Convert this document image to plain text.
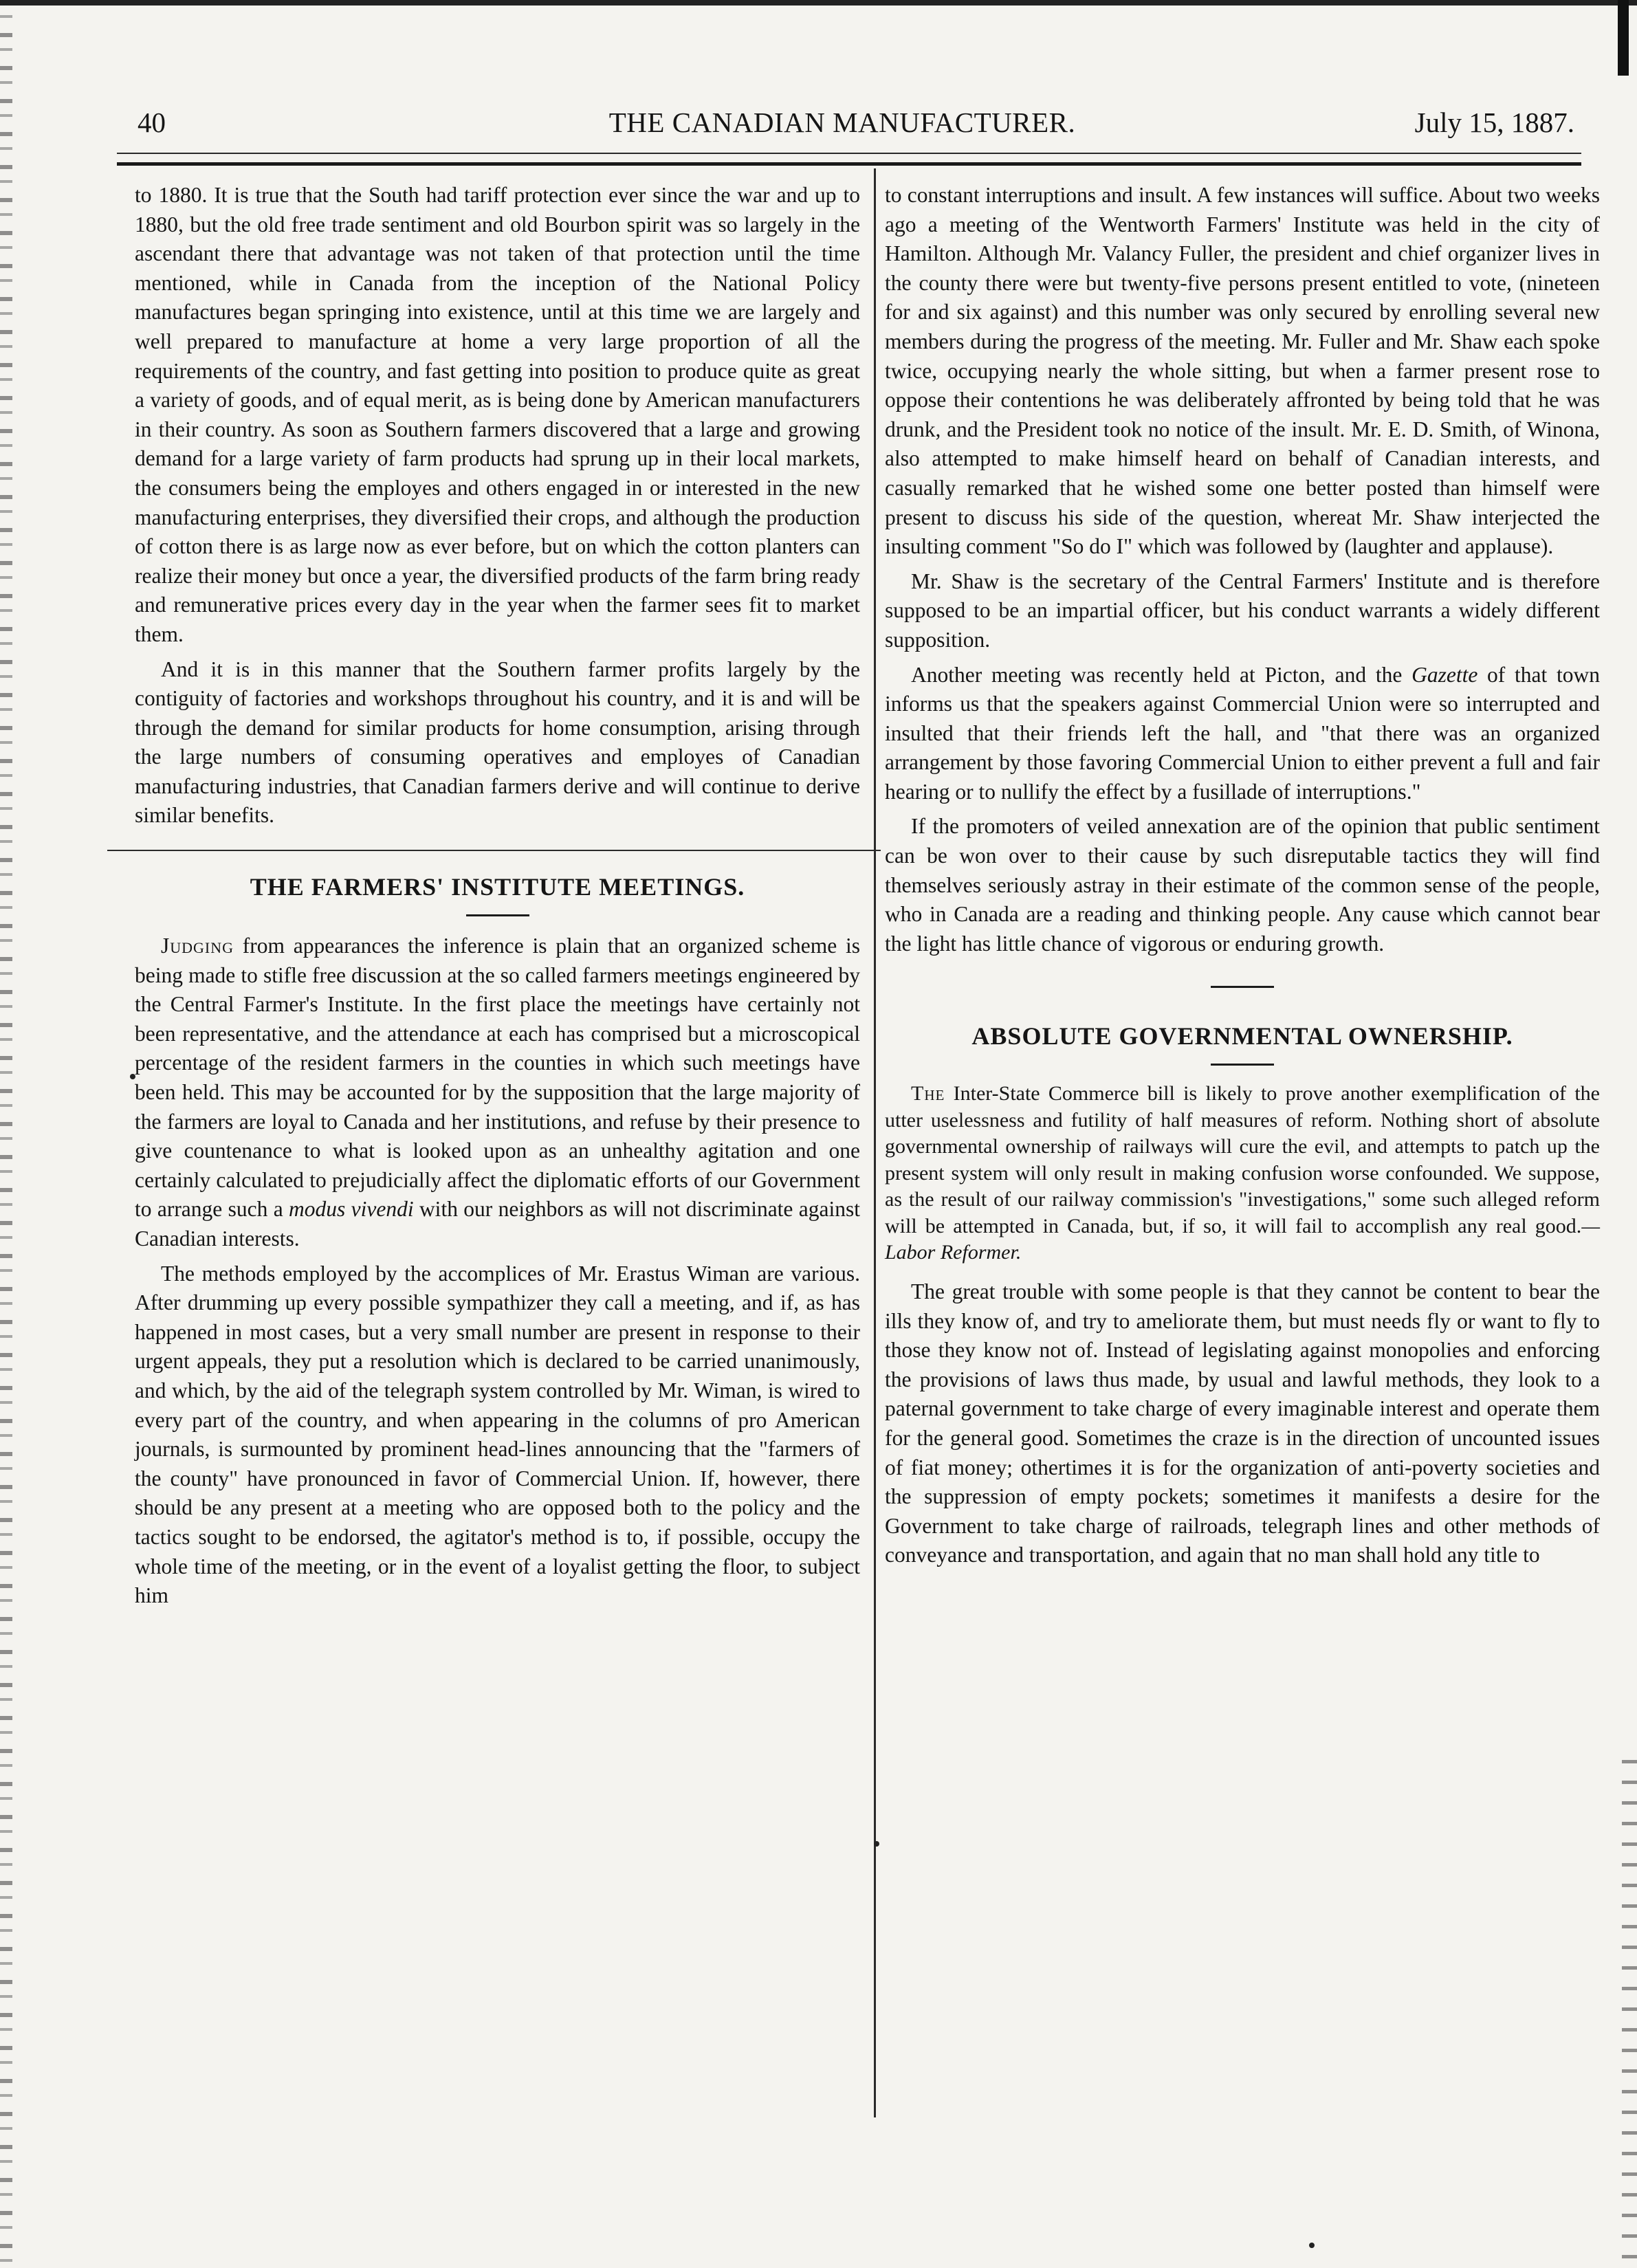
40	THE CANADIAN MANUFACTURER.	July 15, 1887.

to 1880. It is true that the South had tariff protection ever since the war and up to 1880, but the old free trade sentiment and old Bourbon spirit was so largely in the ascendant there that advantage was not taken of that protection until the time mentioned, while in Canada from the inception of the National Policy manufactures began springing into existence, until at this time we are largely and well prepared to manufacture at home a very large proportion of all the requirements of the country, and fast getting into position to produce quite as great a variety of goods, and of equal merit, as is being done by American manufacturers in their country. As soon as Southern farmers discovered that a large and growing demand for a large variety of farm products had sprung up in their local markets, the consumers being the employes and others engaged in or interested in the new manufacturing enterprises, they diversified their crops, and although the production of cotton there is as large now as ever before, but on which the cotton planters can realize their money but once a year, the diversified products of the farm bring ready and remunerative prices every day in the year when the farmer sees fit to market them.

And it is in this manner that the Southern farmer profits largely by the contiguity of factories and workshops throughout his country, and it is and will be through the demand for similar products for home consumption, arising through the large numbers of consuming operatives and employes of Canadian manufacturing industries, that Canadian farmers derive and will continue to derive similar benefits.

THE FARMERS' INSTITUTE MEETINGS.

Judging from appearances the inference is plain that an organized scheme is being made to stifle free discussion at the so called farmers meetings engineered by the Central Farmer's Institute. In the first place the meetings have certainly not been representative, and the attendance at each has comprised but a microscopical percentage of the resident farmers in the counties in which such meetings have been held. This may be accounted for by the supposition that the large majority of the farmers are loyal to Canada and her institutions, and refuse by their presence to give countenance to what is looked upon as an unhealthy agitation and one certainly calculated to prejudicially affect the diplomatic efforts of our Government to arrange such a modus vivendi with our neighbors as will not discriminate against Canadian interests.

The methods employed by the accomplices of Mr. Erastus Wiman are various. After drumming up every possible sympathizer they call a meeting, and if, as has happened in most cases, but a very small number are present in response to their urgent appeals, they put a resolution which is declared to be carried unanimously, and which, by the aid of the telegraph system controlled by Mr. Wiman, is wired to every part of the country, and when appearing in the columns of pro American journals, is surmounted by prominent head-lines announcing that the "farmers of the county" have pronounced in favor of Commercial Union. If, however, there should be any present at a meeting who are opposed both to the policy and the tactics sought to be endorsed, the agitator's method is to, if possible, occupy the whole time of the meeting, or in the event of a loyalist getting the floor, to subject him

to constant interruptions and insult. A few instances will suffice. About two weeks ago a meeting of the Wentworth Farmers' Institute was held in the city of Hamilton. Although Mr. Valancy Fuller, the president and chief organizer lives in the county there were but twenty-five persons present entitled to vote, (nineteen for and six against) and this number was only secured by enrolling several new members during the progress of the meeting. Mr. Fuller and Mr. Shaw each spoke twice, occupying nearly the whole sitting, but when a farmer present rose to oppose their contentions he was deliberately affronted by being told that he was drunk, and the President took no notice of the insult. Mr. E. D. Smith, of Winona, also attempted to make himself heard on behalf of Canadian interests, and casually remarked that he wished some one better posted than himself were present to discuss his side of the question, whereat Mr. Shaw interjected the insulting comment "So do I" which was followed by (laughter and applause).

Mr. Shaw is the secretary of the Central Farmers' Institute and is therefore supposed to be an impartial officer, but his conduct warrants a widely different supposition.

Another meeting was recently held at Picton, and the Gazette of that town informs us that the speakers against Commercial Union were so interrupted and insulted that their friends left the hall, and "that there was an organized arrangement by those favoring Commercial Union to either prevent a full and fair hearing or to nullify the effect by a fusillade of interruptions."

If the promoters of veiled annexation are of the opinion that public sentiment can be won over to their cause by such disreputable tactics they will find themselves seriously astray in their estimate of the common sense of the people, who in Canada are a reading and thinking people. Any cause which cannot bear the light has little chance of vigorous or enduring growth.

ABSOLUTE GOVERNMENTAL OWNERSHIP.

The Inter-State Commerce bill is likely to prove another exemplification of the utter uselessness and futility of half measures of reform. Nothing short of absolute governmental ownership of railways will cure the evil, and attempts to patch up the present system will only result in making confusion worse confounded. We suppose, as the result of our railway commission's "investigations," some such alleged reform will be attempted in Canada, but, if so, it will fail to accomplish any real good.—Labor Reformer.

The great trouble with some people is that they cannot be content to bear the ills they know of, and try to ameliorate them, but must needs fly or want to fly to those they know not of. Instead of legislating against monopolies and enforcing the provisions of laws thus made, by usual and lawful methods, they look to a paternal government to take charge of every imaginable interest and operate them for the general good. Sometimes the craze is in the direction of uncounted issues of fiat money; othertimes it is for the organization of anti-poverty societies and the suppression of empty pockets; sometimes it manifests a desire for the Government to take charge of railroads, telegraph lines and other methods of conveyance and transportation, and again that no man shall hold any title to
